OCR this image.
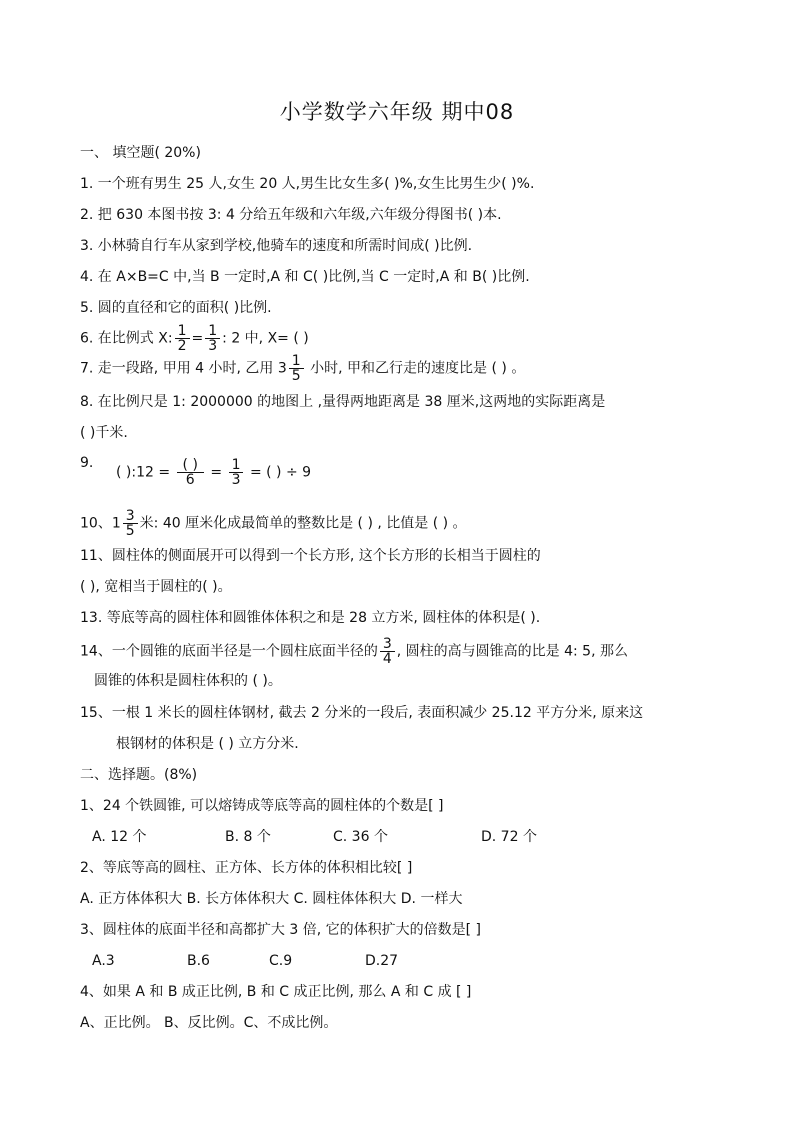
小学数学六年级 期中08
一、 填空题( 20%)
1. 一个班有男生 25 人,女生 20 人,男生比女生多( )%,女生比男生少( )%.
2. 把 630 本图书按 3: 4 分给五年级和六年级,六年级分得图书( )本.
3. 小林骑自行车从家到学校,他骑车的速度和所需时间成( )比例.
4. 在 A×B=C 中,当 B 一定时,A 和 C( )比例,当 C 一定时,A 和 B( )比例.
5. 圆的直径和它的面积( )比例.
6. 在比例式 X: $\frac{1}{2} = \frac{1}{3}$ : 2 中, X= ( )
7. 走一段路, 甲用 4 小时, 乙用 $3 \frac{1}{5}$ 小时, 甲和乙行走的速度比是 ( ) 。
8. 在比例尺是 1: 2000000 的地图上 ,量得两地距离是 38 厘米,这两地的实际距离是
( )千米.
9.
( ):12 = $\frac{( )}{6} = \frac{1}{3}$ = ( ) ÷ 9
10、$1 \frac{3}{5}$ 米: 40 厘米化成最简单的整数比是 ( ) , 比值是 ( ) 。
11、圆柱体的侧面展开可以得到一个长方形, 这个长方形的长相当于圆柱的
( ), 宽相当于圆柱的( )。
13. 等底等高的圆柱体和圆锥体体积之和是 28 立方米, 圆柱体的体积是( ).
14、一个圆锥的底面半径是一个圆柱底面半径的 $\frac{3}{4}$ , 圆柱的高与圆锥高的比是 4: 5, 那么
圆锥的体积是圆柱体积的 ( )。
15、一根 1 米长的圆柱体钢材, 截去 2 分米的一段后, 表面积减少 25.12 平方分米, 原来这
根钢材的体积是 ( ) 立方分米.
二、选择题。(8%)
1、24 个铁圆锥, 可以熔铸成等底等高的圆柱体的个数是[ ]
A. 12 个	B. 8 个	C. 36 个	D. 72 个
2、等底等高的圆柱、正方体、长方体的体积相比较[ ]
A. 正方体体积大 B. 长方体体积大 C. 圆柱体体积大 D. 一样大
3、圆柱体的底面半径和高都扩大 3 倍, 它的体积扩大的倍数是[ ]
A.3	B.6	C.9	D.27
4、如果 A 和 B 成正比例, B 和 C 成正比例, 那么 A 和 C 成 [ ]
A、正比例。 B、反比例。C、不成比例。
